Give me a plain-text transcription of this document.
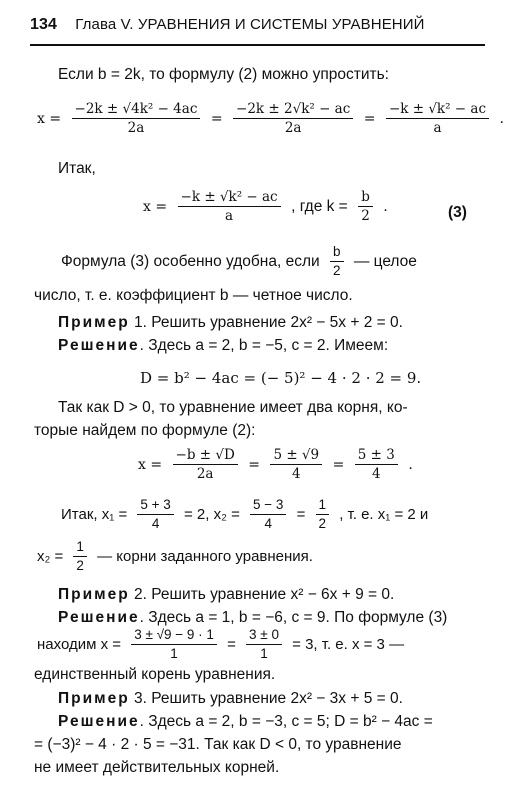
134 Глава V. УРАВНЕНИЯ И СИСТЕМЫ УРАВНЕНИЙ
Если b = 2k, то формулу (2) можно упростить:
$x = \frac{\text{−2k ± √4k² − 4ac}}{2a} = \frac{\text{−2k ± 2√k² − ac}}{2a} = \frac{\text{−k ± √k² − ac}}{a}$ .
Итак,
$x = \frac{\text{−k ± √k² − ac}}{a}$ , где $k = \frac{b}{2}$ .	(3)
Формула (3) особенно удобна, если $\frac{b}{2}$ — целое
число, т. е. коэффициент b — четное число.
Пример 1. Решить уравнение 2x² − 5x + 2 = 0.
Решение. Здесь a = 2, b = −5, c = 2. Имеем:
D = b² − 4ac = (− 5)² − 4 · 2 · 2 = 9.
Так как D > 0, то уравнение имеет два корня, ко-
торые найдем по формуле (2):
$x = \frac{-b \pm √D}{2a} = \frac{5 \pm √9}{4} = \frac{5 \pm 3}{4}$ .
Итак, $x_1 = \frac{5 + 3}{4} = 2$, $x_2 = \frac{5 - 3}{4} = \frac{1}{2}$ , т. е. x₁ = 2 и
$x_2 = \frac{1}{2}$ — корни заданного уравнения.
Пример 2. Решить уравнение x² − 6x + 9 = 0.
Решение. Здесь a = 1, b = −6, c = 9. По формуле (3)
находим $x = \frac{3 \pm √9 - 9 \cdot 1}{1} = \frac{3 \pm 0}{1} = 3$, т. е. x = 3 —
единственный корень уравнения.
Пример 3. Решить уравнение 2x² − 3x + 5 = 0.
Решение. Здесь a = 2, b = −3, c = 5; D = b² − 4ac =
= (−3)² − 4 · 2 · 5 = −31. Так как D < 0, то уравнение
не имеет действительных корней.
